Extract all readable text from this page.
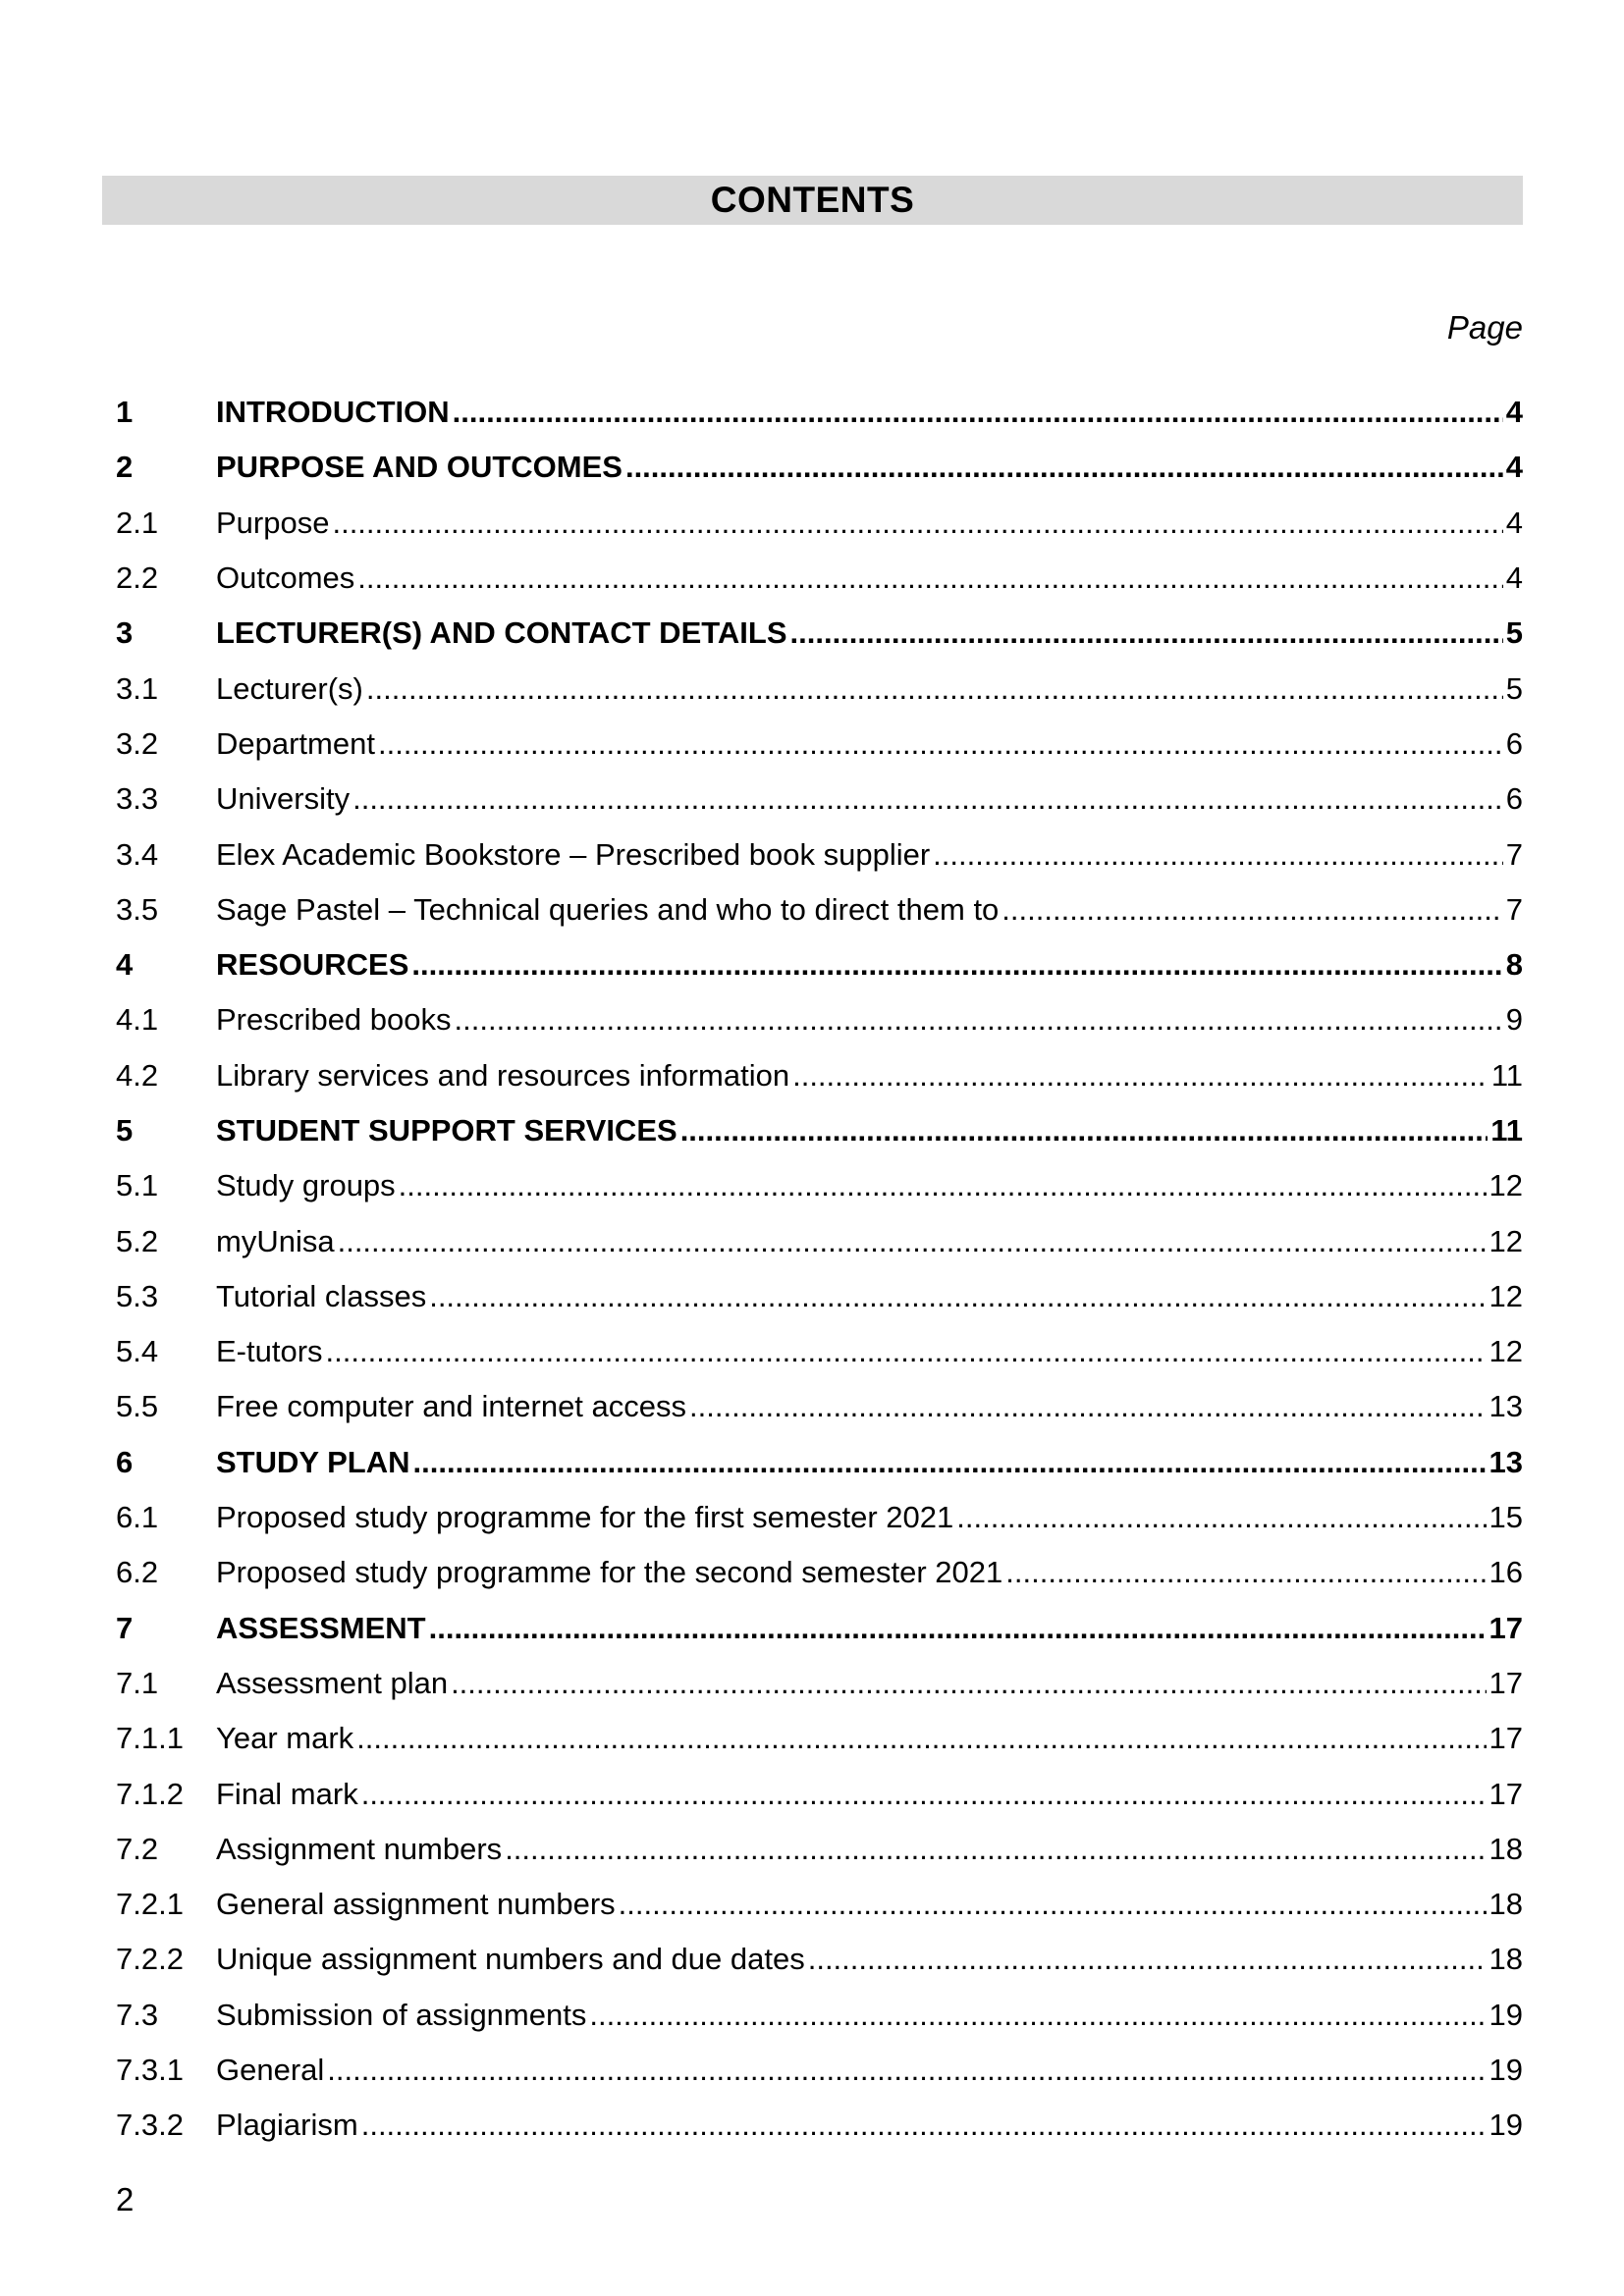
CONTENTS
Page
1	INTRODUCTION .....	4
2	PURPOSE AND OUTCOMES .....	4
2.1	Purpose .....	4
2.2	Outcomes .....	4
3	LECTURER(S) AND CONTACT DETAILS .....	5
3.1	Lecturer(s) .....	5
3.2	Department .....	6
3.3	University .....	6
3.4	Elex Academic Bookstore – Prescribed book supplier .....	7
3.5	Sage Pastel – Technical queries and who to direct them to .....	7
4	RESOURCES .....	8
4.1	Prescribed books .....	9
4.2	Library services and resources information .....	11
5	STUDENT SUPPORT SERVICES .....	11
5.1	Study groups .....	12
5.2	myUnisa .....	12
5.3	Tutorial classes .....	12
5.4	E-tutors .....	12
5.5	Free computer and internet access .....	13
6	STUDY PLAN .....	13
6.1	Proposed study programme for the first semester 2021 .....	15
6.2	Proposed study programme for the second semester 2021 .....	16
7	ASSESSMENT .....	17
7.1	Assessment plan .....	17
7.1.1	Year mark .....	17
7.1.2	Final mark .....	17
7.2	Assignment numbers .....	18
7.2.1	General assignment numbers .....	18
7.2.2	Unique assignment numbers and due dates .....	18
7.3	Submission of assignments .....	19
7.3.1	General .....	19
7.3.2	Plagiarism .....	19
2
